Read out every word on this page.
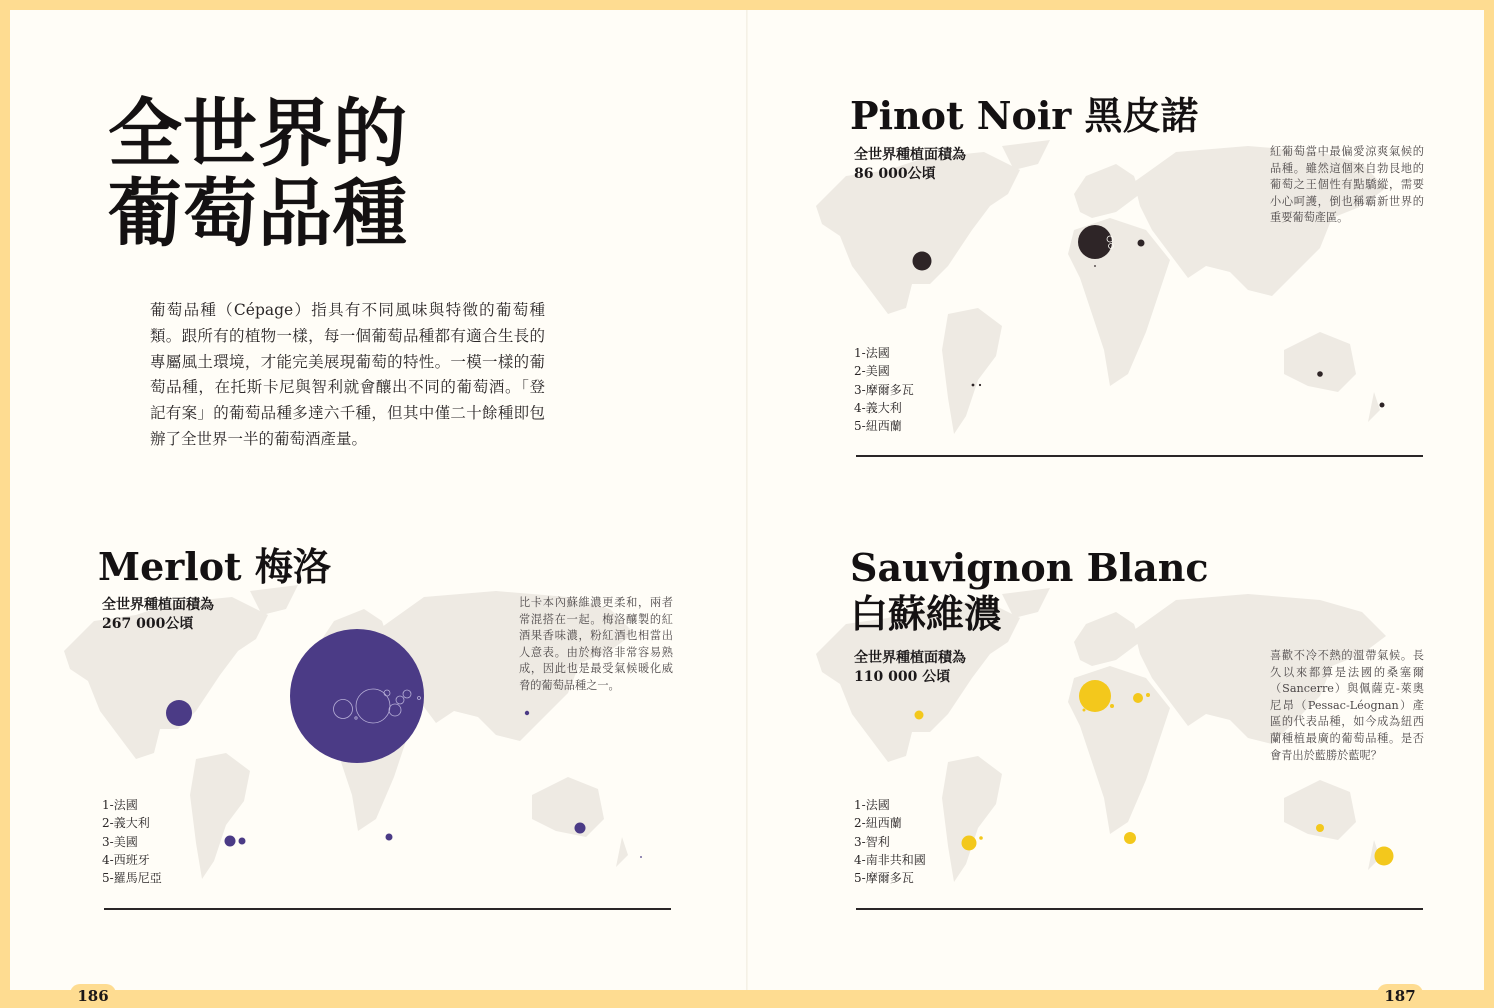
全世界的
葡萄品種

葡萄品種（Cépage）指具有不同風味與特徵的葡萄種類。跟所有的植物一樣，每一個葡萄品種都有適合生長的專屬風土環境，才能完美展現葡萄的特性。一模一樣的葡萄品種，在托斯卡尼與智利就會釀出不同的葡萄酒。「登記有案」的葡萄品種多達六千種，但其中僅二十餘種即包辦了全世界一半的葡萄酒產量。

Merlot 梅洛

全世界種植面積為

267 000公頃

比卡本內蘇維濃更柔和，兩者常混搭在一起。梅洛釀製的紅酒果香味濃，粉紅酒也相當出人意表。由於梅洛非常容易熟成，因此也是最受氣候暖化威脅的葡萄品種之一。

1-法國
2-義大利
3-美國
4-西班牙
5-羅馬尼亞
186
Pinot Noir 黑皮諾

全世界種植面積為

86 000公頃

紅葡萄當中最偏愛涼爽氣候的品種。雖然這個來自勃艮地的葡萄之王個性有點驕縱，需要小心呵護，倒也稱霸新世界的重要葡萄產區。

1-法國
2-美國
3-摩爾多瓦
4-義大利
5-紐西蘭
Sauvignon Blanc
白蘇維濃

全世界種植面積為

110 000 公頃

喜歡不冷不熱的溫帶氣候。長久以來都算是法國的桑塞爾（Sancerre）與佩薩克-萊奧尼昂（Pessac-Léognan）產區的代表品種，如今成為紐西蘭種植最廣的葡萄品種。是否會青出於藍勝於藍呢？

1-法國
2-紐西蘭
3-智利
4-南非共和國
5-摩爾多瓦
187
